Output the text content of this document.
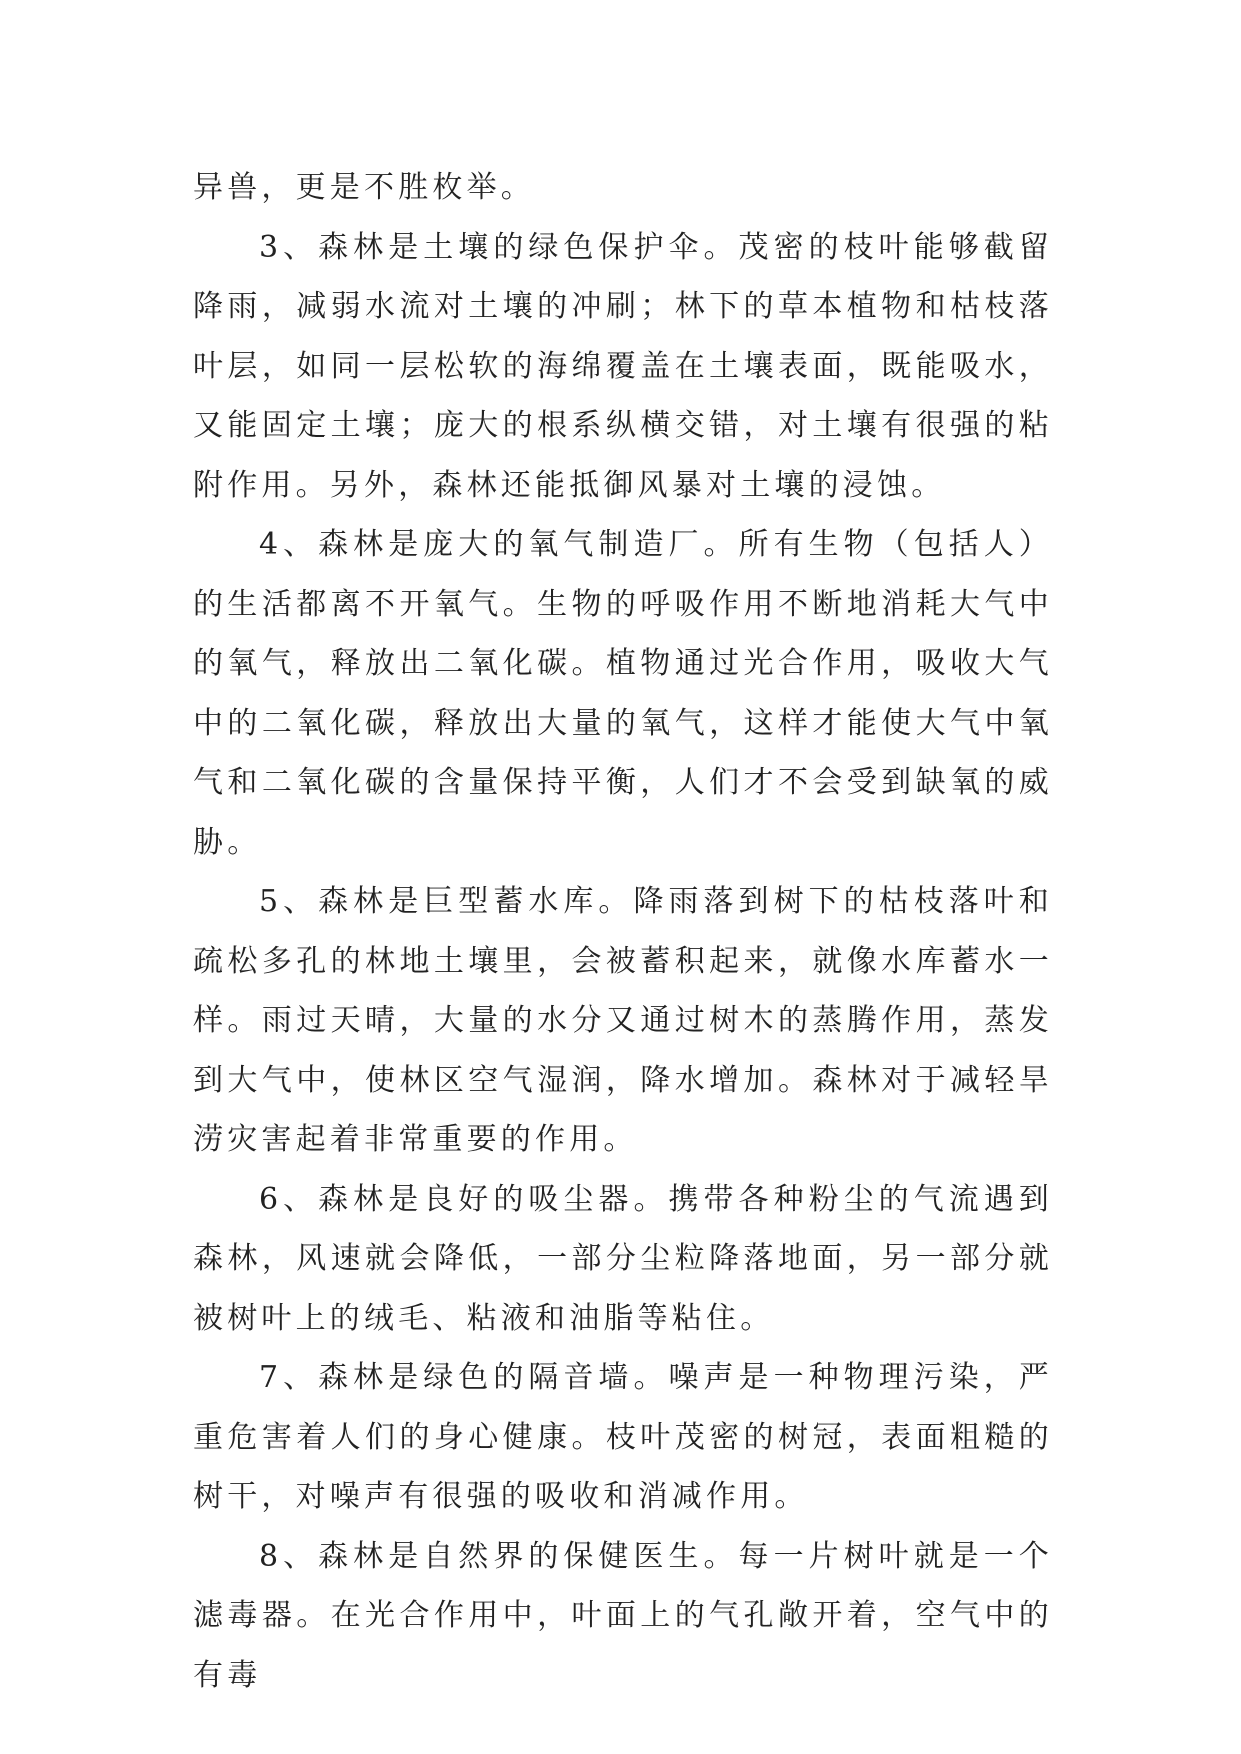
异兽，更是不胜枚举。

3、森林是土壤的绿色保护伞。茂密的枝叶能够截留降雨，减弱水流对土壤的冲刷；林下的草本植物和枯枝落叶层，如同一层松软的海绵覆盖在土壤表面，既能吸水，又能固定土壤；庞大的根系纵横交错，对土壤有很强的粘附作用。另外，森林还能抵御风暴对土壤的浸蚀。

4、森林是庞大的氧气制造厂。所有生物（包括人）的生活都离不开氧气。生物的呼吸作用不断地消耗大气中的氧气，释放出二氧化碳。植物通过光合作用，吸收大气中的二氧化碳，释放出大量的氧气，这样才能使大气中氧气和二氧化碳的含量保持平衡，人们才不会受到缺氧的威胁。

5、森林是巨型蓄水库。降雨落到树下的枯枝落叶和疏松多孔的林地土壤里，会被蓄积起来，就像水库蓄水一样。雨过天晴，大量的水分又通过树木的蒸腾作用，蒸发到大气中，使林区空气湿润，降水增加。森林对于减轻旱涝灾害起着非常重要的作用。

6、森林是良好的吸尘器。携带各种粉尘的气流遇到森林，风速就会降低，一部分尘粒降落地面，另一部分就被树叶上的绒毛、粘液和油脂等粘住。

7、森林是绿色的隔音墙。噪声是一种物理污染，严重危害着人们的身心健康。枝叶茂密的树冠，表面粗糙的树干，对噪声有很强的吸收和消减作用。

8、森林是自然界的保健医生。每一片树叶就是一个滤毒器。在光合作用中，叶面上的气孔敞开着，空气中的有毒
